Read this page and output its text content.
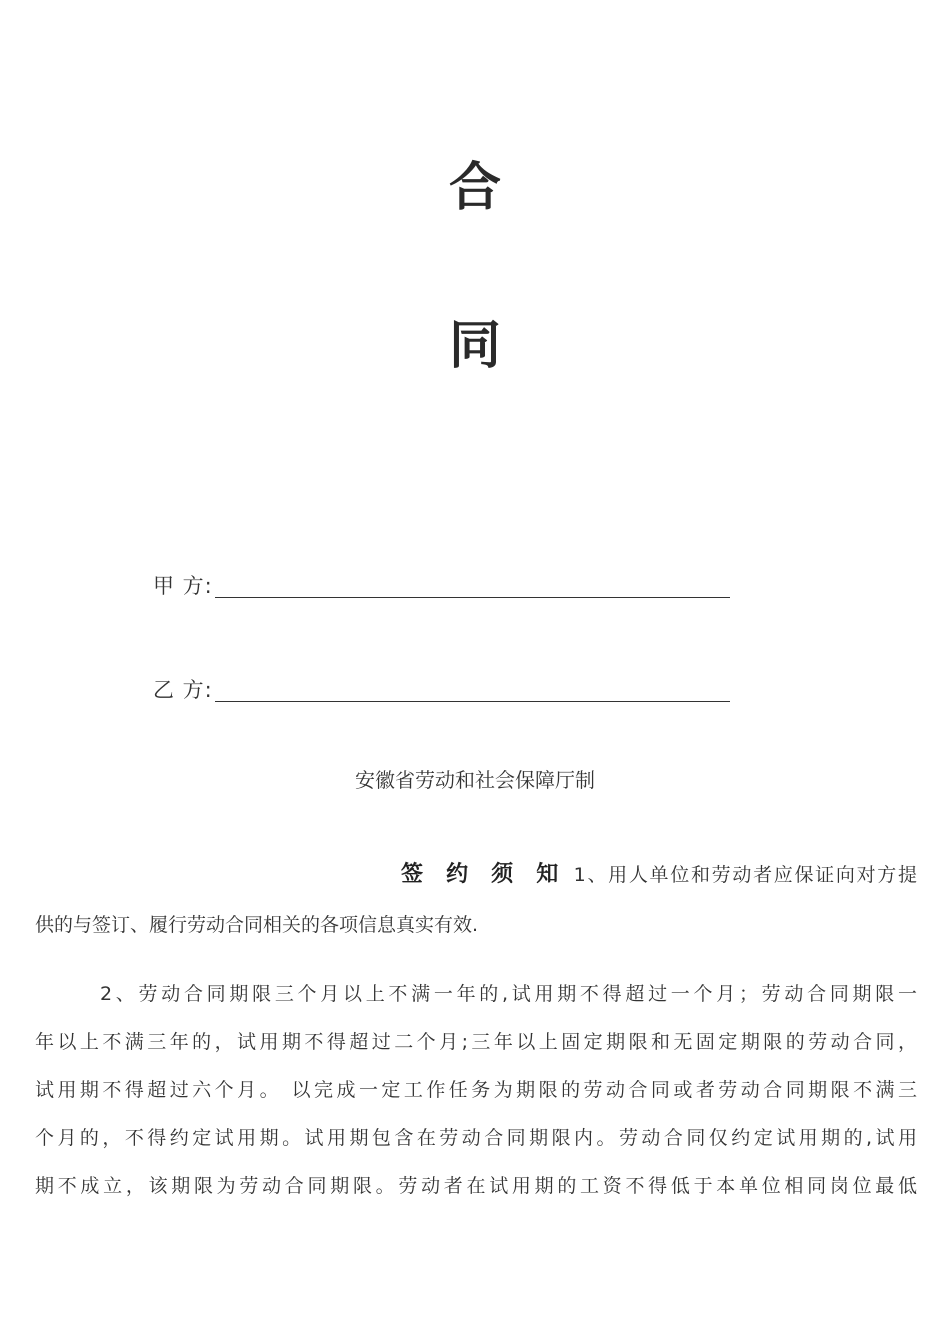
合
同
甲 方:
乙 方:
安徽省劳动和社会保障厅制
签 约 须 知 1、用人单位和劳动者应保证向对方提
供的与签订、履行劳动合同相关的各项信息真实有效.
2、劳动合同期限三个月以上不满一年的,试用期不得超过一个月；劳动合同期限一
年以上不满三年的，试用期不得超过二个月;三年以上固定期限和无固定期限的劳动合同，
试用期不得超过六个月。 以完成一定工作任务为期限的劳动合同或者劳动合同期限不满三
个月的，不得约定试用期。试用期包含在劳动合同期限内。劳动合同仅约定试用期的,试用
期不成立，该期限为劳动合同期限。劳动者在试用期的工资不得低于本单位相同岗位最低
